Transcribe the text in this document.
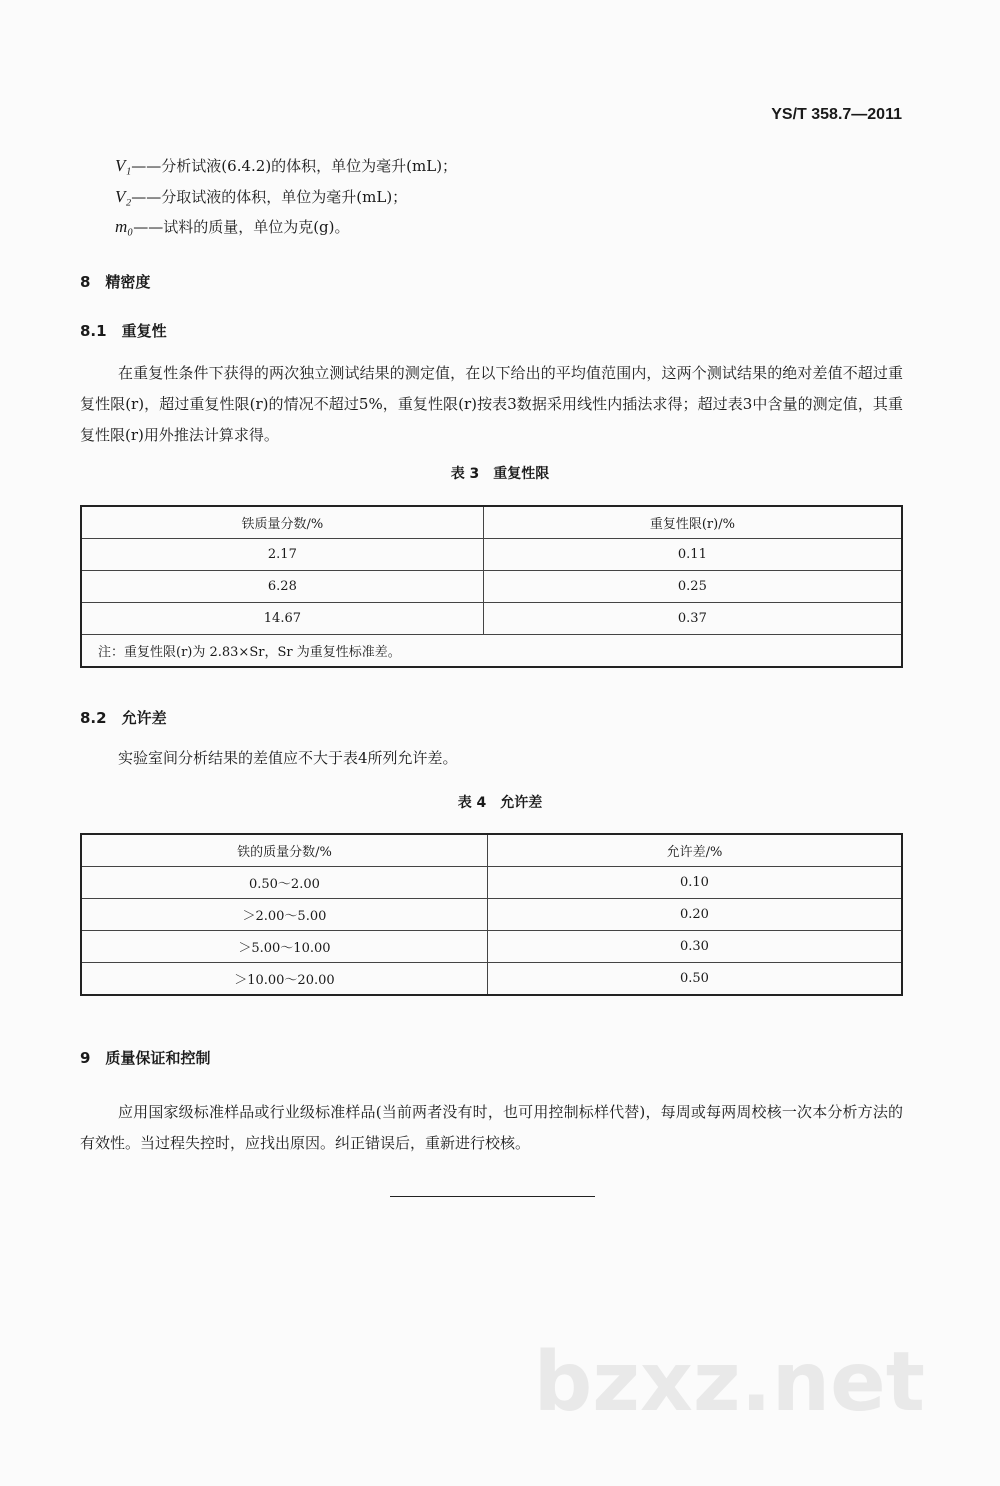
YS/T 358.7—2011
V₁——分析试液(6.4.2)的体积，单位为毫升(mL)；
V₂——分取试液的体积，单位为毫升(mL)；
m₀——试料的质量，单位为克(g)。
8　精密度
8.1　重复性
在重复性条件下获得的两次独立测试结果的测定值，在以下给出的平均值范围内，这两个测试结果的绝对差值不超过重复性限(r)，超过重复性限(r)的情况不超过5%，重复性限(r)按表3数据采用线性内插法求得；超过表3中含量的测定值，其重复性限(r)用外推法计算求得。
表 3　重复性限
铁质量分数/%	重复性限(r)/%
2.17	0.11
6.28	0.25
14.67	0.37
注：重复性限(r)为 2.83×Sr，Sr 为重复性标准差。	
8.2　允许差
实验室间分析结果的差值应不大于表4所列允许差。
表 4　允许差
铁的质量分数/%	允许差/%
0.50～2.00	0.10
＞2.00～5.00	0.20
＞5.00～10.00	0.30
＞10.00～20.00	0.50
9　质量保证和控制
应用国家级标准样品或行业级标准样品(当前两者没有时，也可用控制标样代替)，每周或每两周校核一次本分析方法的有效性。当过程失控时，应找出原因。纠正错误后，重新进行校核。
bzxz.net
